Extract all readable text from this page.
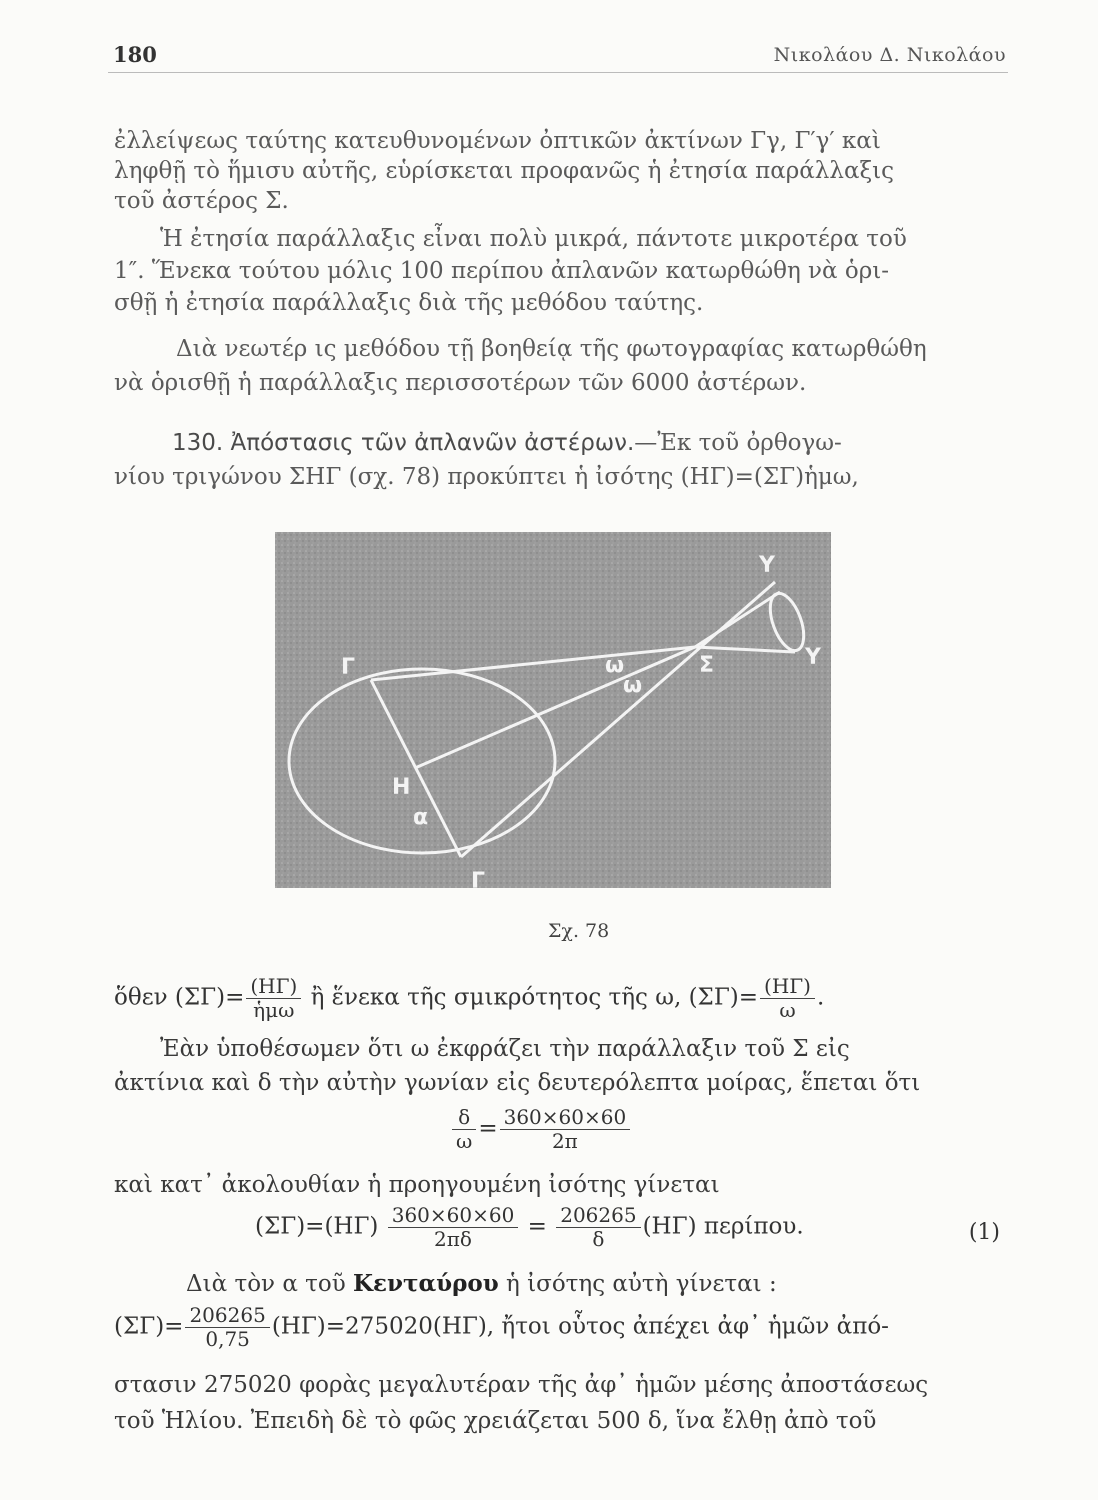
180	Νικολάου Δ. Νικολάου
ἐλλείψεως ταύτης κατευθυνομένων ὀπτικῶν ἀκτίνων Γγ, Γ′γ′ καὶ
ληφθῇ τὸ ἥμισυ αὐτῆς, εὑρίσκεται προφανῶς ἡ ἐτησία παράλλαξις
τοῦ ἀστέρος Σ.
Ἡ ἐτησία παράλλαξις εἶναι πολὺ μικρά, πάντοτε μικροτέρα τοῦ
1″. Ἕνεκα τούτου μόλις 100 περίπου ἀπλανῶν κατωρθώθη νὰ ὁρι-
σθῇ ἡ ἐτησία παράλλαξις διὰ τῆς μεθόδου ταύτης.
Διὰ νεωτέρ ις μεθόδου τῇ βοηθείᾳ τῆς φωτογραφίας κατωρθώθη
νὰ ὁρισθῇ ἡ παράλλαξις περισσοτέρων τῶν 6000 ἀστέρων.
130. Ἀπόστασις τῶν ἀπλανῶν ἀστέρων.—Ἐκ τοῦ ὀρθογω-
νίου τριγώνου ΣΗΓ (σχ. 78) προκύπτει ἡ ἰσότης (ΗΓ)=(ΣΓ)ἡμω,
Γ
Γ
Η
α
ω
ω
Σ
Υ
Υ
Σχ. 78
ὅθεν $(\Sigma\Gamma)= \frac{(H\Gamma)}{\text{ἡμω}}$ ἢ ἕνεκα τῆς σμικρότητος τῆς ω, $(\Sigma\Gamma)= \frac{(H\Gamma)}{\omega}$ .
Ἐὰν ὑποθέσωμεν ὅτι ω ἐκφράζει τὴν παράλλαξιν τοῦ Σ εἰς
ἀκτίνια καὶ δ τὴν αὐτὴν γωνίαν εἰς δευτερόλεπτα μοίρας, ἕπεται ὅτι
$\frac{\delta}{\omega} = \frac{360\times 60\times 60}{2\pi}$
καὶ κατ᾽ ἀκολουθίαν ἡ προηγουμένη ἰσότης γίνεται
$(\Sigma\Gamma)=(H\Gamma) \frac{360\times 60\times 60}{2\pi\delta} = \frac{206265}{\delta} (H\Gamma)$ περίπου.	(1)
Διὰ τὸν α τοῦ Κενταύρου ἡ ἰσότης αὐτὴ γίνεται :
$(\Sigma\Gamma)= \frac{206265}{0,75} (H\Gamma)=275020(H\Gamma)$, ἤτοι οὗτος ἀπέχει ἀφ᾽ ἡμῶν ἀπό-
στασιν 275020 φορὰς μεγαλυτέραν τῆς ἀφ᾽ ἡμῶν μέσης ἀποστάσεως
τοῦ Ἡλίου. Ἐπειδὴ δὲ τὸ φῶς χρειάζεται 500 δ, ἵνα ἔλθῃ ἀπὸ τοῦ
